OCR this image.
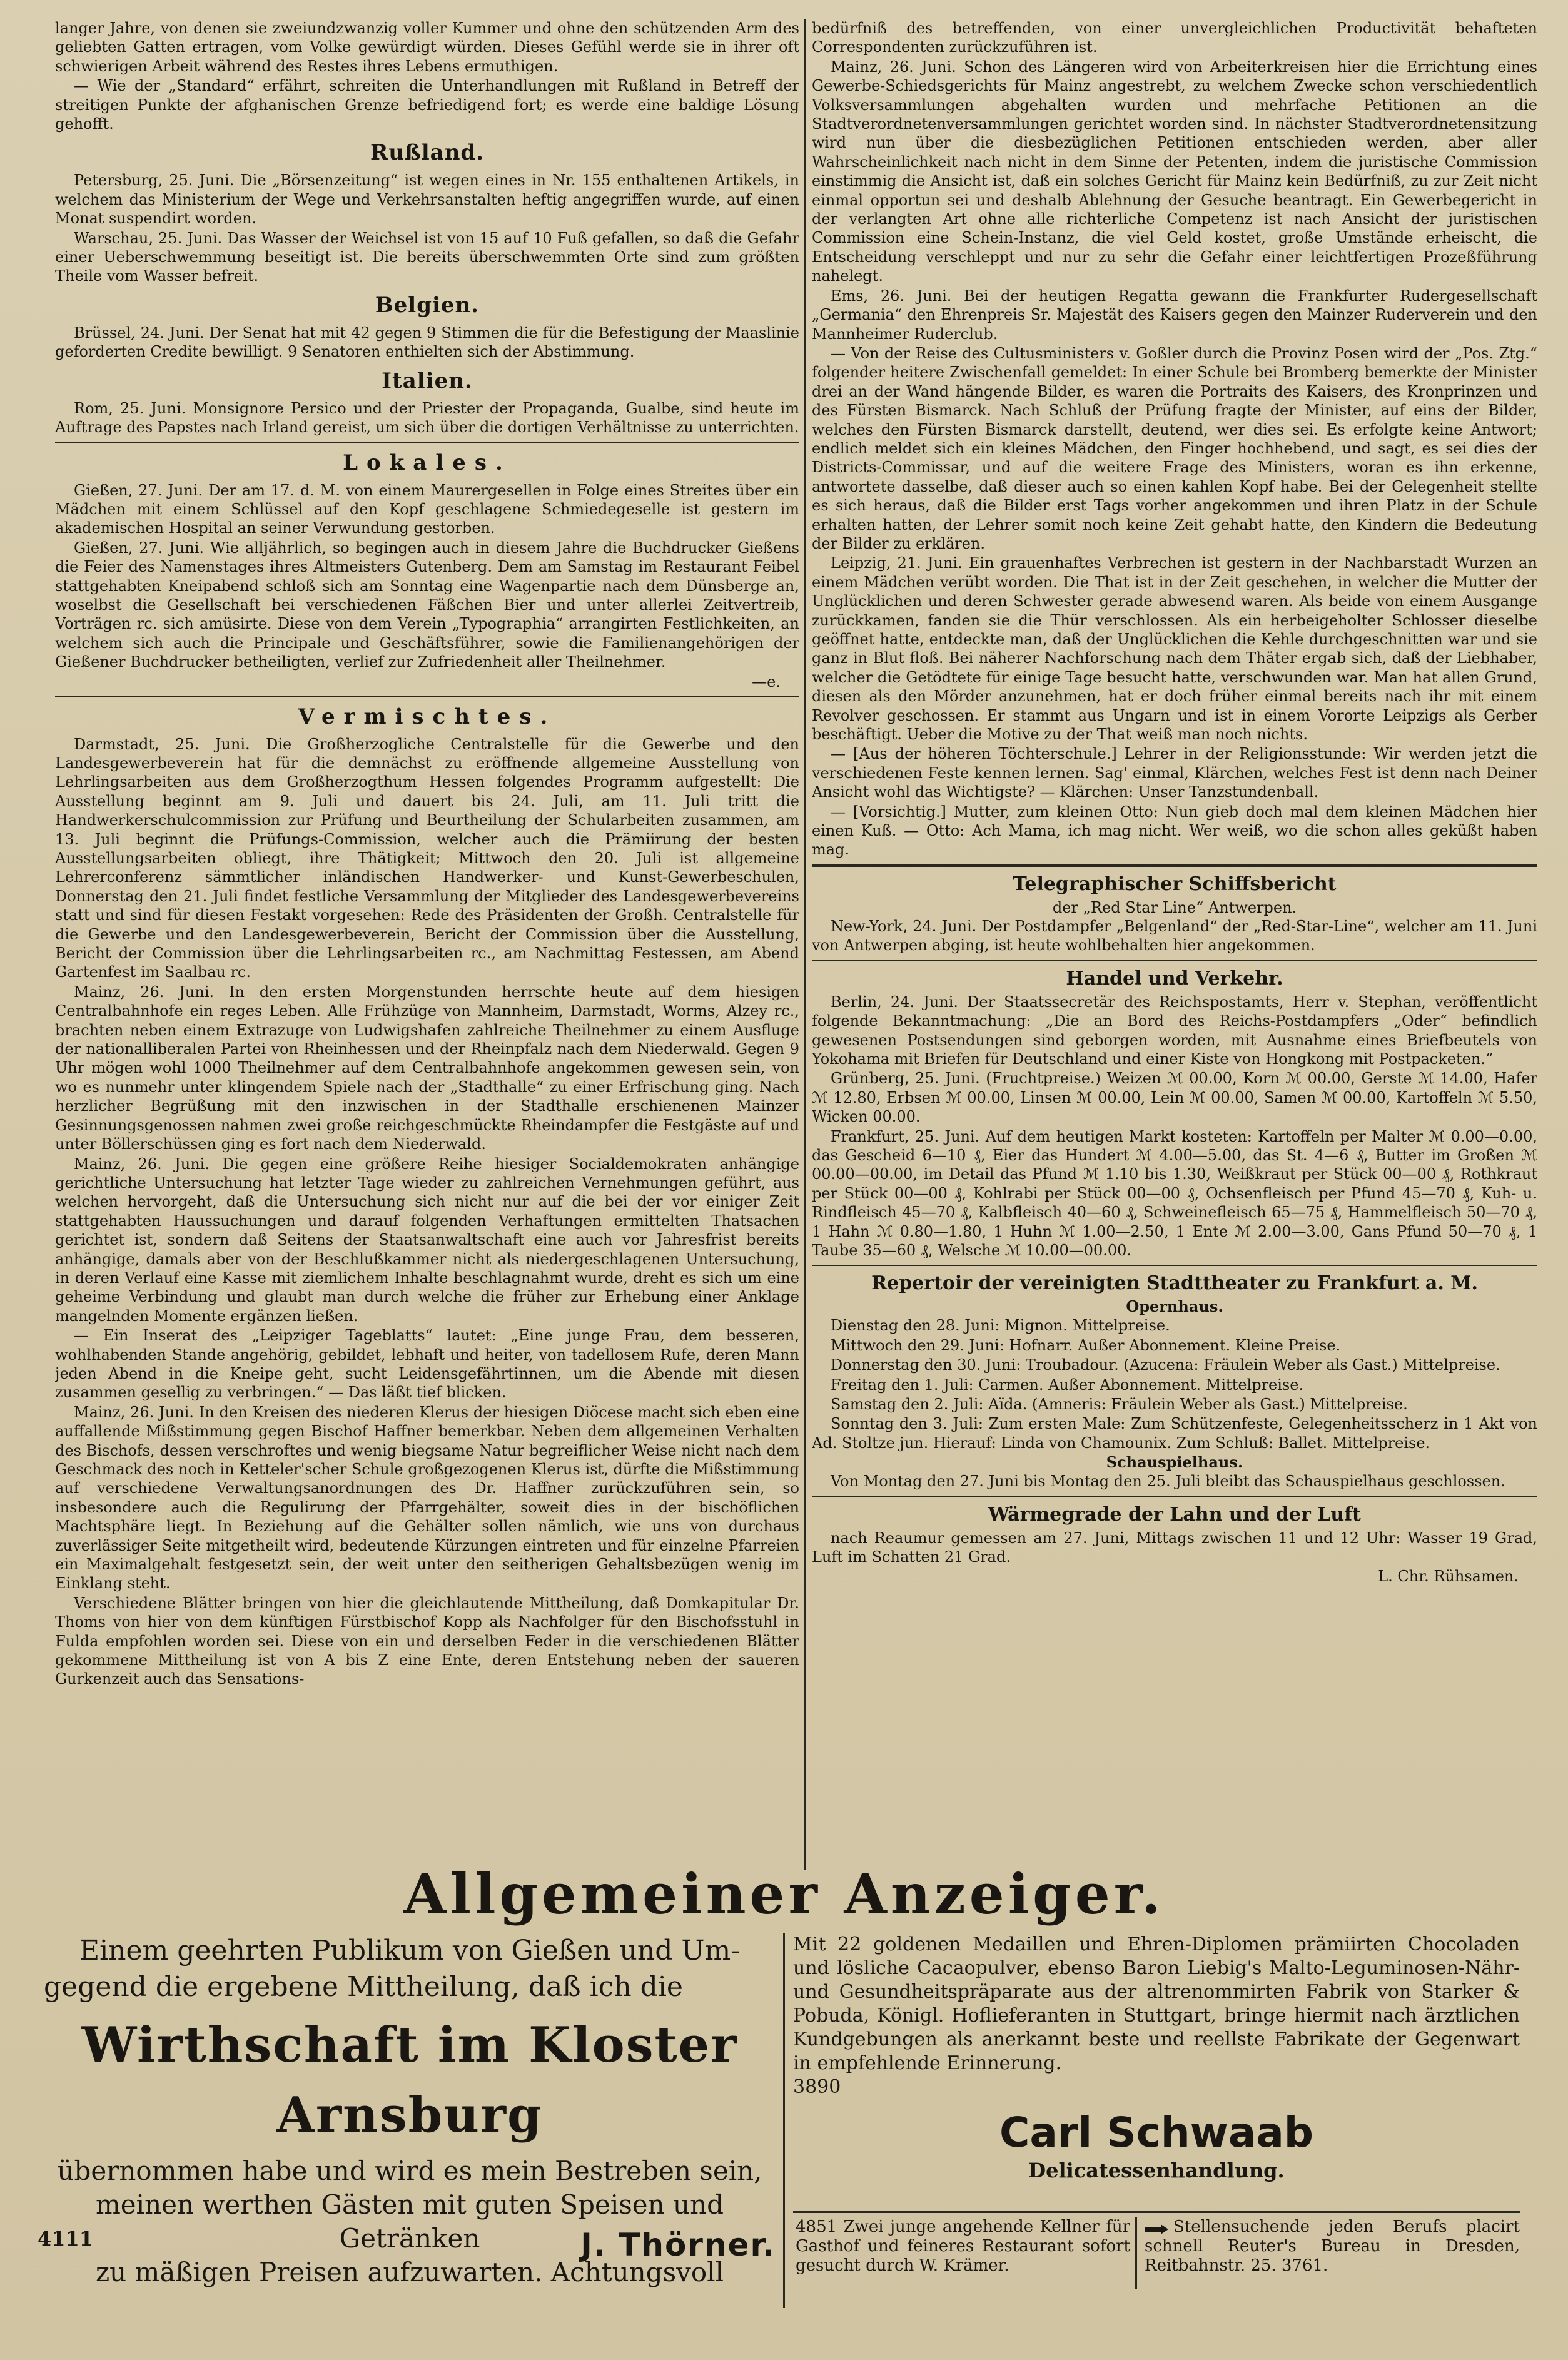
langer Jahre, von denen sie zweiundzwanzig voller Kummer und ohne den schützenden Arm des geliebten Gatten ertragen, vom Volke gewürdigt würden. Dieses Gefühl werde sie in ihrer oft schwierigen Arbeit während des Restes ihres Lebens ermuthigen.

— Wie der „Standard“ erfährt, schreiten die Unterhandlungen mit Rußland in Betreff der streitigen Punkte der afghanischen Grenze befriedigend fort; es werde eine baldige Lösung gehofft.

Rußland.

Petersburg, 25. Juni. Die „Börsenzeitung“ ist wegen eines in Nr. 155 enthaltenen Artikels, in welchem das Ministerium der Wege und Verkehrsanstalten heftig angegriffen wurde, auf einen Monat suspendirt worden.

Warschau, 25. Juni. Das Wasser der Weichsel ist von 15 auf 10 Fuß gefallen, so daß die Gefahr einer Ueberschwemmung beseitigt ist. Die bereits überschwemmten Orte sind zum größten Theile vom Wasser befreit.

Belgien.

Brüssel, 24. Juni. Der Senat hat mit 42 gegen 9 Stimmen die für die Befestigung der Maaslinie geforderten Credite bewilligt. 9 Senatoren enthielten sich der Abstimmung.

Italien.

Rom, 25. Juni. Monsignore Persico und der Priester der Propaganda, Gualbe, sind heute im Auftrage des Papstes nach Irland gereist, um sich über die dortigen Verhältnisse zu unterrichten.

Lokales.

Gießen, 27. Juni. Der am 17. d. M. von einem Maurergesellen in Folge eines Streites über ein Mädchen mit einem Schlüssel auf den Kopf geschlagene Schmiedegeselle ist gestern im akademischen Hospital an seiner Verwundung gestorben.

Gießen, 27. Juni. Wie alljährlich, so begingen auch in diesem Jahre die Buchdrucker Gießens die Feier des Namenstages ihres Altmeisters Gutenberg. Dem am Samstag im Restaurant Feibel stattgehabten Kneipabend schloß sich am Sonntag eine Wagenpartie nach dem Dünsberge an, woselbst die Gesellschaft bei verschiedenen Fäßchen Bier und unter allerlei Zeitvertreib, Vorträgen rc. sich amüsirte. Diese von dem Verein „Typographia“ arrangirten Festlichkeiten, an welchem sich auch die Principale und Geschäftsführer, sowie die Familienangehörigen der Gießener Buchdrucker betheiligten, verlief zur Zufriedenheit aller Theilnehmer.

—e.
Vermischtes.

Darmstadt, 25. Juni. Die Großherzogliche Centralstelle für die Gewerbe und den Landesgewerbeverein hat für die demnächst zu eröffnende allgemeine Ausstellung von Lehrlingsarbeiten aus dem Großherzogthum Hessen folgendes Programm aufgestellt: Die Ausstellung beginnt am 9. Juli und dauert bis 24. Juli, am 11. Juli tritt die Handwerkerschulcommission zur Prüfung und Beurtheilung der Schularbeiten zusammen, am 13. Juli beginnt die Prüfungs-Commission, welcher auch die Prämiirung der besten Ausstellungsarbeiten obliegt, ihre Thätigkeit; Mittwoch den 20. Juli ist allgemeine Lehrerconferenz sämmtlicher inländischen Handwerker- und Kunst-Gewerbeschulen, Donnerstag den 21. Juli findet festliche Versammlung der Mitglieder des Landesgewerbevereins statt und sind für diesen Festakt vorgesehen: Rede des Präsidenten der Großh. Centralstelle für die Gewerbe und den Landesgewerbeverein, Bericht der Commission über die Ausstellung, Bericht der Commission über die Lehrlingsarbeiten rc., am Nachmittag Festessen, am Abend Gartenfest im Saalbau rc.

Mainz, 26. Juni. In den ersten Morgenstunden herrschte heute auf dem hiesigen Centralbahnhofe ein reges Leben. Alle Frühzüge von Mannheim, Darmstadt, Worms, Alzey rc., brachten neben einem Extrazuge von Ludwigshafen zahlreiche Theilnehmer zu einem Ausfluge der nationalliberalen Partei von Rheinhessen und der Rheinpfalz nach dem Niederwald. Gegen 9 Uhr mögen wohl 1000 Theilnehmer auf dem Centralbahnhofe angekommen gewesen sein, von wo es nunmehr unter klingendem Spiele nach der „Stadthalle“ zu einer Erfrischung ging. Nach herzlicher Begrüßung mit den inzwischen in der Stadthalle erschienenen Mainzer Gesinnungsgenossen nahmen zwei große reichgeschmückte Rheindampfer die Festgäste auf und unter Böllerschüssen ging es fort nach dem Niederwald.

Mainz, 26. Juni. Die gegen eine größere Reihe hiesiger Socialdemokraten anhängige gerichtliche Untersuchung hat letzter Tage wieder zu zahlreichen Vernehmungen geführt, aus welchen hervorgeht, daß die Untersuchung sich nicht nur auf die bei der vor einiger Zeit stattgehabten Haussuchungen und darauf folgenden Verhaftungen ermittelten Thatsachen gerichtet ist, sondern daß Seitens der Staatsanwaltschaft eine auch vor Jahresfrist bereits anhängige, damals aber von der Beschlußkammer nicht als niedergeschlagenen Untersuchung, in deren Verlauf eine Kasse mit ziemlichem Inhalte beschlagnahmt wurde, dreht es sich um eine geheime Verbindung und glaubt man durch welche die früher zur Erhebung einer Anklage mangelnden Momente ergänzen ließen.

— Ein Inserat des „Leipziger Tageblatts“ lautet: „Eine junge Frau, dem besseren, wohlhabenden Stande angehörig, gebildet, lebhaft und heiter, von tadellosem Rufe, deren Mann jeden Abend in die Kneipe geht, sucht Leidensgefährtinnen, um die Abende mit diesen zusammen gesellig zu verbringen.“ — Das läßt tief blicken.

Mainz, 26. Juni. In den Kreisen des niederen Klerus der hiesigen Diöcese macht sich eben eine auffallende Mißstimmung gegen Bischof Haffner bemerkbar. Neben dem allgemeinen Verhalten des Bischofs, dessen verschroftes und wenig biegsame Natur begreiflicher Weise nicht nach dem Geschmack des noch in Ketteler'scher Schule großgezogenen Klerus ist, dürfte die Mißstimmung auf verschiedene Verwaltungsanordnungen des Dr. Haffner zurückzuführen sein, so insbesondere auch die Regulirung der Pfarrgehälter, soweit dies in der bischöflichen Machtsphäre liegt. In Beziehung auf die Gehälter sollen nämlich, wie uns von durchaus zuverlässiger Seite mitgetheilt wird, bedeutende Kürzungen eintreten und für einzelne Pfarreien ein Maximalgehalt festgesetzt sein, der weit unter den seitherigen Gehaltsbezügen wenig im Einklang steht.

Verschiedene Blätter bringen von hier die gleichlautende Mittheilung, daß Domkapitular Dr. Thoms von hier von dem künftigen Fürstbischof Kopp als Nachfolger für den Bischofsstuhl in Fulda empfohlen worden sei. Diese von ein und derselben Feder in die verschiedenen Blätter gekommene Mittheilung ist von A bis Z eine Ente, deren Entstehung neben der saueren Gurkenzeit auch das Sensations-

bedürfniß des betreffenden, von einer unvergleichlichen Productivität behafteten Correspondenten zurückzuführen ist.

Mainz, 26. Juni. Schon des Längeren wird von Arbeiterkreisen hier die Errichtung eines Gewerbe-Schiedsgerichts für Mainz angestrebt, zu welchem Zwecke schon verschiedentlich Volksversammlungen abgehalten wurden und mehrfache Petitionen an die Stadtverordnetenversammlungen gerichtet worden sind. In nächster Stadtverordnetensitzung wird nun über die diesbezüglichen Petitionen entschieden werden, aber aller Wahrscheinlichkeit nach nicht in dem Sinne der Petenten, indem die juristische Commission einstimmig die Ansicht ist, daß ein solches Gericht für Mainz kein Bedürfniß, zu zur Zeit nicht einmal opportun sei und deshalb Ablehnung der Gesuche beantragt. Ein Gewerbegericht in der verlangten Art ohne alle richterliche Competenz ist nach Ansicht der juristischen Commission eine Schein-Instanz, die viel Geld kostet, große Umstände erheischt, die Entscheidung verschleppt und nur zu sehr die Gefahr einer leichtfertigen Prozeßführung nahelegt.

Ems, 26. Juni. Bei der heutigen Regatta gewann die Frankfurter Rudergesellschaft „Germania“ den Ehrenpreis Sr. Majestät des Kaisers gegen den Mainzer Ruderverein und den Mannheimer Ruderclub.

— Von der Reise des Cultusministers v. Goßler durch die Provinz Posen wird der „Pos. Ztg.“ folgender heitere Zwischenfall gemeldet: In einer Schule bei Bromberg bemerkte der Minister drei an der Wand hängende Bilder, es waren die Portraits des Kaisers, des Kronprinzen und des Fürsten Bismarck. Nach Schluß der Prüfung fragte der Minister, auf eins der Bilder, welches den Fürsten Bismarck darstellt, deutend, wer dies sei. Es erfolgte keine Antwort; endlich meldet sich ein kleines Mädchen, den Finger hochhebend, und sagt, es sei dies der Districts-Commissar, und auf die weitere Frage des Ministers, woran es ihn erkenne, antwortete dasselbe, daß dieser auch so einen kahlen Kopf habe. Bei der Gelegenheit stellte es sich heraus, daß die Bilder erst Tags vorher angekommen und ihren Platz in der Schule erhalten hatten, der Lehrer somit noch keine Zeit gehabt hatte, den Kindern die Bedeutung der Bilder zu erklären.

Leipzig, 21. Juni. Ein grauenhaftes Verbrechen ist gestern in der Nachbarstadt Wurzen an einem Mädchen verübt worden. Die That ist in der Zeit geschehen, in welcher die Mutter der Unglücklichen und deren Schwester gerade abwesend waren. Als beide von einem Ausgange zurückkamen, fanden sie die Thür verschlossen. Als ein herbeigeholter Schlosser dieselbe geöffnet hatte, entdeckte man, daß der Unglücklichen die Kehle durchgeschnitten war und sie ganz in Blut floß. Bei näherer Nachforschung nach dem Thäter ergab sich, daß der Liebhaber, welcher die Getödtete für einige Tage besucht hatte, verschwunden war. Man hat allen Grund, diesen als den Mörder anzunehmen, hat er doch früher einmal bereits nach ihr mit einem Revolver geschossen. Er stammt aus Ungarn und ist in einem Vororte Leipzigs als Gerber beschäftigt. Ueber die Motive zu der That weiß man noch nichts.

— [Aus der höheren Töchterschule.] Lehrer in der Religionsstunde: Wir werden jetzt die verschiedenen Feste kennen lernen. Sag' einmal, Klärchen, welches Fest ist denn nach Deiner Ansicht wohl das Wichtigste? — Klärchen: Unser Tanzstundenball.

— [Vorsichtig.] Mutter, zum kleinen Otto: Nun gieb doch mal dem kleinen Mädchen hier einen Kuß. — Otto: Ach Mama, ich mag nicht. Wer weiß, wo die schon alles geküßt haben mag.

Telegraphischer Schiffsbericht
der „Red Star Line“ Antwerpen.

New-York, 24. Juni. Der Postdampfer „Belgenland“ der „Red-Star-Line“, welcher am 11. Juni von Antwerpen abging, ist heute wohlbehalten hier angekommen.

Handel und Verkehr.

Berlin, 24. Juni. Der Staatssecretär des Reichspostamts, Herr v. Stephan, veröffentlicht folgende Bekanntmachung: „Die an Bord des Reichs-Postdampfers „Oder“ befindlich gewesenen Postsendungen sind geborgen worden, mit Ausnahme eines Briefbeutels von Yokohama mit Briefen für Deutschland und einer Kiste von Hongkong mit Postpacketen.“

Grünberg, 25. Juni. (Fruchtpreise.) Weizen ℳ 00.00, Korn ℳ 00.00, Gerste ℳ 14.00, Hafer ℳ 12.80, Erbsen ℳ 00.00, Linsen ℳ 00.00, Lein ℳ 00.00, Samen ℳ 00.00, Kartoffeln ℳ 5.50, Wicken 00.00.

Frankfurt, 25. Juni. Auf dem heutigen Markt kosteten: Kartoffeln per Malter ℳ 0.00—0.00, das Gescheid 6—10 ₰, Eier das Hundert ℳ 4.00—5.00, das St. 4—6 ₰, Butter im Großen ℳ 00.00—00.00, im Detail das Pfund ℳ 1.10 bis 1.30, Weißkraut per Stück 00—00 ₰, Rothkraut per Stück 00—00 ₰, Kohlrabi per Stück 00—00 ₰, Ochsenfleisch per Pfund 45—70 ₰, Kuh- u. Rindfleisch 45—70 ₰, Kalbfleisch 40—60 ₰, Schweinefleisch 65—75 ₰, Hammelfleisch 50—70 ₰, 1 Hahn ℳ 0.80—1.80, 1 Huhn ℳ 1.00—2.50, 1 Ente ℳ 2.00—3.00, Gans Pfund 50—70 ₰, 1 Taube 35—60 ₰, Welsche ℳ 10.00—00.00.

Repertoir der vereinigten Stadttheater zu Frankfurt a. M.
Opernhaus.

Dienstag den 28. Juni: Mignon. Mittelpreise.

Mittwoch den 29. Juni: Hofnarr. Außer Abonnement. Kleine Preise.

Donnerstag den 30. Juni: Troubadour. (Azucena: Fräulein Weber als Gast.) Mittelpreise.

Freitag den 1. Juli: Carmen. Außer Abonnement. Mittelpreise.

Samstag den 2. Juli: Aïda. (Amneris: Fräulein Weber als Gast.) Mittelpreise.

Sonntag den 3. Juli: Zum ersten Male: Zum Schützenfeste, Gelegenheitsscherz in 1 Akt von Ad. Stoltze jun. Hierauf: Linda von Chamounix. Zum Schluß: Ballet. Mittelpreise.

Schauspielhaus.

Von Montag den 27. Juni bis Montag den 25. Juli bleibt das Schauspielhaus geschlossen.

Wärmegrade der Lahn und der Luft

nach Reaumur gemessen am 27. Juni, Mittags zwischen 11 und 12 Uhr: Wasser 19 Grad, Luft im Schatten 21 Grad.

L. Chr. Rühsamen.
Allgemeiner Anzeiger.

Einem geehrten Publikum von Gießen und Um-

gegend die ergebene Mittheilung, daß ich die

Wirthschaft im Kloster Arnsburg

übernommen habe und wird es mein Bestreben sein,

meinen werthen Gästen mit guten Speisen und Getränken

zu mäßigen Preisen aufzuwarten. Achtungsvoll

4111	J. Thörner.

Mit 22 goldenen Medaillen und Ehren-Diplomen prämiirten Chocoladen und lösliche Cacaopulver, ebenso Baron Liebig's Malto-Leguminosen-Nähr- und Gesundheitspräparate aus der altrenommirten Fabrik von Starker & Pobuda, Königl. Hoflieferanten in Stuttgart, bringe hiermit nach ärztlichen Kundgebungen als anerkannt beste und reellste Fabrikate der Gegenwart in empfehlende Erinnerung.

3890

Carl Schwaab

Delicatessenhandlung.

4851 Zwei junge angehende Kellner für Gasthof und feineres Restaurant sofort gesucht durch W. Krämer.

Stellensuchende jeden Berufs placirt schnell Reuter's Bureau in Dresden, Reitbahnstr. 25. 3761.
